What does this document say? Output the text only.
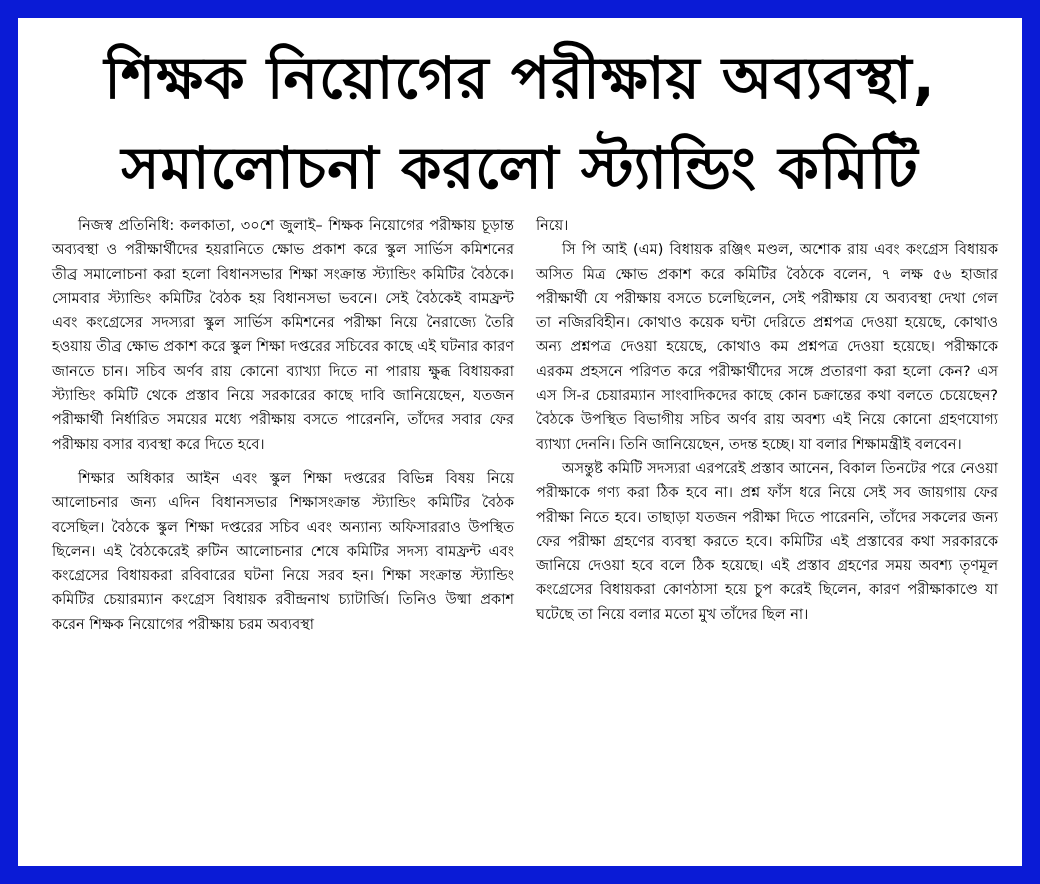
শিক্ষক নিয়োগের পরীক্ষায় অব্যবস্থা,
সমালোচনা করলো স্ট্যান্ডিং কমিটি

নিজস্ব প্রতিনিধি: কলকাতা, ৩০শে জুলাই– শিক্ষক নিয়োগের পরীক্ষায় চূড়ান্ত অব্যবস্থা ও পরীক্ষার্থীদের হয়রানিতে ক্ষোভ প্রকাশ করে স্কুল সার্ভিস কমিশনের তীব্র সমালোচনা করা হলো বিধানসভার শিক্ষা সংক্রান্ত স্ট্যান্ডিং কমিটির বৈঠকে। সোমবার স্ট্যান্ডিং কমিটির বৈঠক হয় বিধানসভা ভবনে। সেই বৈঠকেই বামফ্রন্ট এবং কংগ্রেসের সদস্যরা স্কুল সার্ভিস কমিশনের পরীক্ষা নিয়ে নৈরাজ্যে তৈরি হওয়ায় তীব্র ক্ষোভ প্রকাশ করে স্কুল শিক্ষা দপ্তরের সচিবের কাছে এই ঘটনার কারণ জানতে চান। সচিব অর্ণব রায় কোনো ব্যাখ্যা দিতে না পারায় ক্ষুব্ধ বিধায়করা স্ট্যান্ডিং কমিটি থেকে প্রস্তাব নিয়ে সরকারের কাছে দাবি জানিয়েছেন, যতজন পরীক্ষার্থী নির্ধারিত সময়ের মধ্যে পরীক্ষায় বসতে পারেননি, তাঁদের সবার ফের পরীক্ষায় বসার ব্যবস্থা করে দিতে হবে।

শিক্ষার অধিকার আইন এবং স্কুল শিক্ষা দপ্তরের বিভিন্ন বিষয় নিয়ে আলোচনার জন্য এদিন বিধানসভার শিক্ষাসংক্রান্ত স্ট্যান্ডিং কমিটির বৈঠক বসেছিল। বৈঠকে স্কুল শিক্ষা দপ্তরের সচিব এবং অন্যান্য অফিসাররাও উপস্থিত ছিলেন। এই বৈঠকেরেই রুটিন আলোচনার শেষে কমিটির সদস্য বামফ্রন্ট এবং কংগ্রেসের বিধায়করা রবিবারের ঘটনা নিয়ে সরব হন। শিক্ষা সংক্রান্ত স্ট্যান্ডিং কমিটির চেয়ারম্যান কংগ্রেস বিধায়ক রবীন্দ্রনাথ চ্যাটার্জি। তিনিও উষ্মা প্রকাশ করেন শিক্ষক নিয়োগের পরীক্ষায় চরম অব্যবস্থা

নিয়ে।

সি পি আই (এম) বিধায়ক রঞ্জিৎ মণ্ডল, অশোক রায় এবং কংগ্রেস বিধায়ক অসিত মিত্র ক্ষোভ প্রকাশ করে কমিটির বৈঠকে বলেন, ৭ লক্ষ ৫৬ হাজার পরীক্ষার্থী যে পরীক্ষায় বসতে চলেছিলেন, সেই পরীক্ষায় যে অব্যবস্থা দেখা গেল তা নজিরবিহীন। কোথাও কয়েক ঘন্টা দেরিতে প্রশ্নপত্র দেওয়া হয়েছে, কোথাও অন্য প্রশ্নপত্র দেওয়া হয়েছে, কোথাও কম প্রশ্নপত্র দেওয়া হয়েছে। পরীক্ষাকে এরকম প্রহসনে পরিণত করে পরীক্ষার্থীদের সঙ্গে প্রতারণা করা হলো কেন? এস এস সি-র চেয়ারম্যান সাংবাদিকদের কাছে কোন চক্রান্তের কথা বলতে চেয়েছেন? বৈঠকে উপস্থিত বিভাগীয় সচিব অর্ণব রায় অবশ্য এই নিয়ে কোনো গ্রহণযোগ্য ব্যাখ্যা দেননি। তিনি জানিয়েছেন, তদন্ত হচ্ছে। যা বলার শিক্ষামন্ত্রীই বলবেন।

অসন্তুষ্ট কমিটি সদস্যরা এরপরেই প্রস্তাব আনেন, বিকাল তিনটের পরে নেওয়া পরীক্ষাকে গণ্য করা ঠিক হবে না। প্রশ্ন ফাঁস ধরে নিয়ে সেই সব জায়গায় ফের পরীক্ষা নিতে হবে। তাছাড়া যতজন পরীক্ষা দিতে পারেননি, তাঁদের সকলের জন্য ফের পরীক্ষা গ্রহণের ব্যবস্থা করতে হবে। কমিটির এই প্রস্তাবের কথা সরকারকে জানিয়ে দেওয়া হবে বলে ঠিক হয়েছে। এই প্রস্তাব গ্রহণের সময় অবশ্য তৃণমূল কংগ্রেসের বিধায়করা কোণঠাসা হয়ে চুপ করেই ছিলেন, কারণ পরীক্ষাকাণ্ডে যা ঘটেছে তা নিয়ে বলার মতো মুখ তাঁদের ছিল না।
